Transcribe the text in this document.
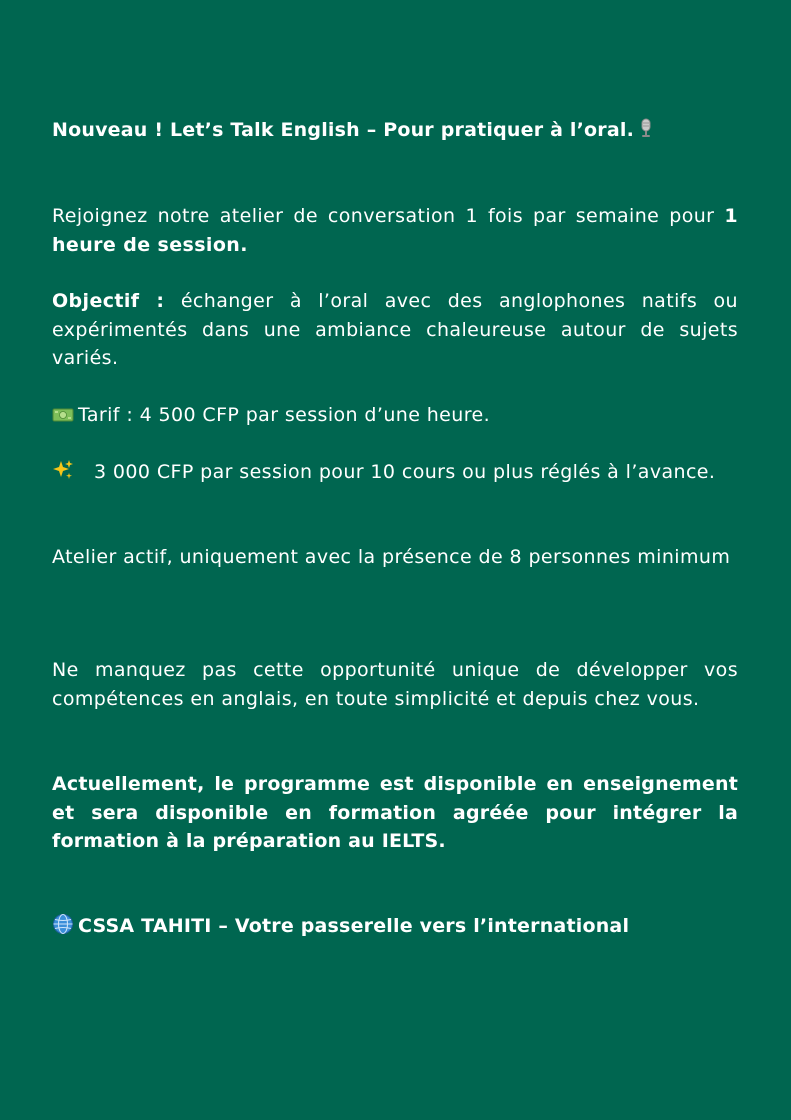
Nouveau ! Let’s Talk English – Pour pratiquer à l’oral.

Rejoignez notre atelier de conversation 1 fois par semaine pour 1 heure de session.

Objectif : échanger à l’oral avec des anglophones natifs ou expérimentés dans une ambiance chaleureuse autour de sujets variés.

Tarif : 4 500 CFP par session d’une heure.

3 000 CFP par session pour 10 cours ou plus réglés à l’avance.

Atelier actif, uniquement avec la présence de 8 personnes minimum

Ne manquez pas cette opportunité unique de développer vos compétences en anglais, en toute simplicité et depuis chez vous.

Actuellement, le programme est disponible en enseignement et sera disponible en formation agréée pour intégrer la formation à la préparation au IELTS.

CSSA TAHITI – Votre passerelle vers l’international
